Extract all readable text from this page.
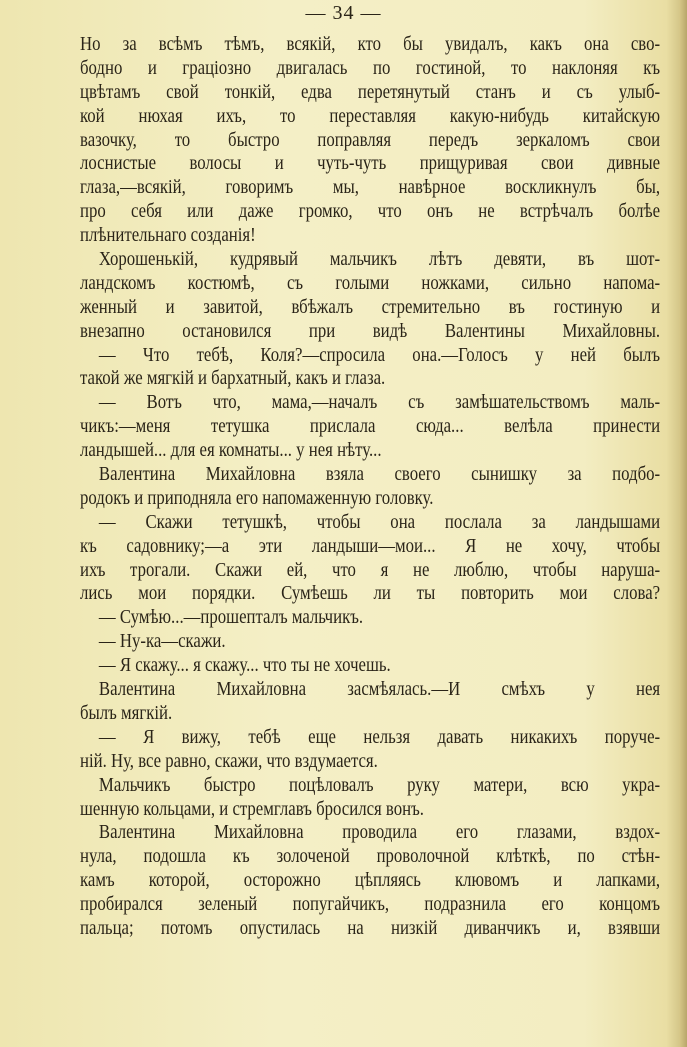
— 34 —
Но за всѣмъ тѣмъ, всякій, кто бы увидалъ, какъ она сво-
бодно и граціозно двигалась по гостиной, то наклоняя къ
цвѣтамъ свой тонкій, едва перетянутый станъ и съ улыб-
кой нюхая ихъ, то переставляя какую-нибудь китайскую
вазочку, то быстро поправляя передъ зеркаломъ свои
лоснистые волосы и чуть-чуть прищуривая свои дивные
глаза,—всякій, говоримъ мы, навѣрное воскликнулъ бы,
про себя или даже громко, что онъ не встрѣчалъ болѣе
плѣнительнаго созданія!
Хорошенькій, кудрявый мальчикъ лѣтъ девяти, въ шот-
ландскомъ костюмѣ, съ голыми ножками, сильно напома-
женный и завитой, вбѣжалъ стремительно въ гостиную и
внезапно остановился при видѣ Валентины Михайловны.
— Что тебѣ, Коля?—спросила она.—Голосъ у ней былъ
такой же мягкій и бархатный, какъ и глаза.
— Вотъ что, мама,—началъ съ замѣшательствомъ маль-
чикъ:—меня тетушка прислала сюда... велѣла принести
ландышей... для ея комнаты... у нея нѣту...
Валентина Михайловна взяла своего сынишку за подбо-
родокъ и приподняла его напомаженную головку.
— Скажи тетушкѣ, чтобы она послала за ландышами
къ садовнику;—а эти ландыши—мои... Я не хочу, чтобы
ихъ трогали. Скажи ей, что я не люблю, чтобы наруша-
лись мои порядки. Сумѣешь ли ты повторить мои слова?
— Сумѣю...—прошепталъ мальчикъ.
— Ну-ка—скажи.
— Я скажу... я скажу... что ты не хочешь.
Валентина Михайловна засмѣялась.—И смѣхъ у нея
былъ мягкій.
— Я вижу, тебѣ еще нельзя давать никакихъ поруче-
ній. Ну, все равно, скажи, что вздумается.
Мальчикъ быстро поцѣловалъ руку матери, всю укра-
шенную кольцами, и стремглавъ бросился вонъ.
Валентина Михайловна проводила его глазами, вздох-
нула, подошла къ золоченой проволочной клѣткѣ, по стѣн-
камъ которой, осторожно цѣпляясь клювомъ и лапками,
пробирался зеленый попугайчикъ, подразнила его концомъ
пальца; потомъ опустилась на низкій диванчикъ и, взявши
